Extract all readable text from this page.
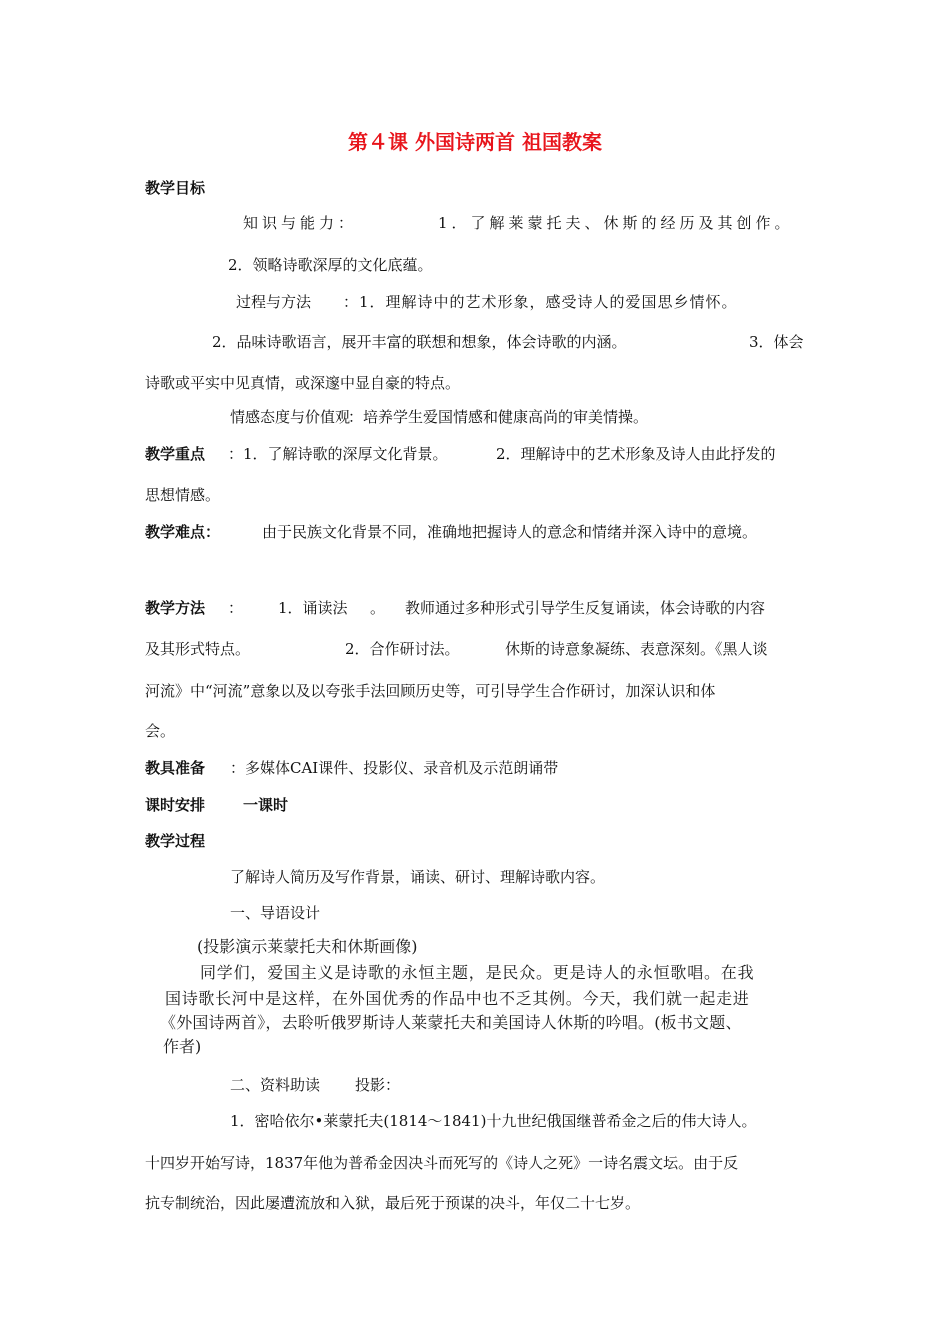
第４课 外国诗两首 祖国教案
教学目标
知识与能力：	1．了解莱蒙托夫、休斯的经历及其创作。
2．领略诗歌深厚的文化底蕴。
过程与方法 ：1．理解诗中的艺术形象，感受诗人的爱国思乡情怀。
2．品味诗歌语言，展开丰富的联想和想象，体会诗歌的内涵。	3．体会
诗歌或平实中见真情，或深邃中显自豪的特点。
情感态度与价值观
：培养学生爱国情感和健康高尚的审美情操。
教学重点 ：1．了解诗歌的深厚文化背景。	2．理解诗中的艺术形象及诗人由此抒发的
思想情感。
教学难点：	由于民族文化背景不同，准确地把握诗人的意念和情绪并深入诗中的意境。
教学方法 ： 1．诵读法 。 教师通过多种形式引导学生反复诵读，体会诗歌的内容
及其形式特点。	2．合作研讨法。	休斯的诗意象凝练、表意深刻。《黑人谈
河流》中“河流”意象以及以夸张手法回顾历史等，可引导学生合作研讨，加深认识和体
会。
教具准备 ：多媒体CAI课件、投影仪、录音机及示范朗诵带
课时安排	一课时
教学过程
了解诗人简历及写作背景，诵读、研讨、理解诗歌内容。
一、导语设计
(投影演示莱蒙托夫和休斯画像)
同学们，爱国主义是诗歌的永恒主题，是民众。更是诗人的永恒歌唱。在我
国诗歌长河中是这样，在外国优秀的作品中也不乏其例。今天，我们就一起走进
《外国诗两首》，去聆听俄罗斯诗人莱蒙托夫和美国诗人休斯的吟唱。(板书文题、
作者)
二、资料助读 投影：
1．密哈依尔•莱蒙托夫(1814～1841)十九世纪俄国继普希金之后的伟大诗人。
十四岁开始写诗，1837年他为普希金因决斗而死写的《诗人之死》一诗名震文坛。由于反
抗专制统治，因此屡遭流放和入狱，最后死于预谋的决斗，年仅二十七岁。
